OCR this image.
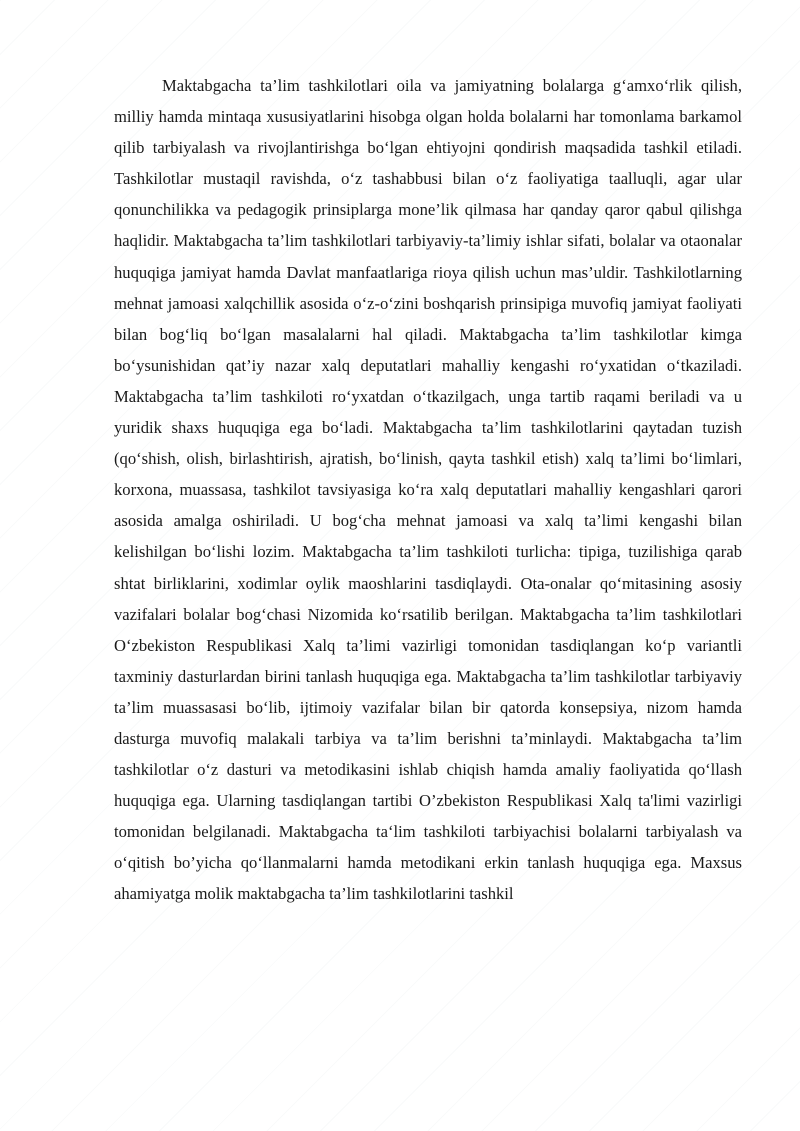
Maktabgacha ta’lim tashkilotlari oila va jamiyatning bolalarga g‘amxo‘rlik qilish, milliy hamda mintaqa xususiyatlarini hisobga olgan holda bolalarni har tomonlama barkamol qilib tarbiyalash va rivojlantirishga bo‘lgan ehtiyojni qondirish maqsadida tashkil etiladi. Tashkilotlar mustaqil ravishda, o‘z tashabbusi bilan o‘z faoliyatiga taalluqli, agar ular qonunchilikka va pedagogik prinsiplarga mone’lik qilmasa har qanday qaror qabul qilishga haqlidir. Maktabgacha ta’lim tashkilotlari tarbiyaviy-ta’limiy ishlar sifati, bolalar va otaonalar huquqiga jamiyat hamda Davlat manfaatlariga rioya qilish uchun mas’uldir. Tashkilotlarning mehnat jamoasi xalqchillik asosida o‘z-o‘zini boshqarish prinsipiga muvofiq jamiyat faoliyati bilan bog‘liq bo‘lgan masalalarni hal qiladi. Maktabgacha ta’lim tashkilotlar kimga bo‘ysunishidan qat’iy nazar xalq deputatlari mahalliy kengashi ro‘yxatidan o‘tkaziladi. Maktabgacha ta’lim tashkiloti ro‘yxatdan o‘tkazilgach, unga tartib raqami beriladi va u yuridik shaxs huquqiga ega bo‘ladi. Maktabgacha ta’lim tashkilotlarini qaytadan tuzish (qo‘shish, olish, birlashtirish, ajratish, bo‘linish, qayta tashkil etish) xalq ta’limi bo‘limlari, korxona, muassasa, tashkilot tavsiyasiga ko‘ra xalq deputatlari mahalliy kengashlari qarori asosida amalga oshiriladi. U bog‘cha mehnat jamoasi va xalq ta’limi kengashi bilan kelishilgan bo‘lishi lozim. Maktabgacha ta’lim tashkiloti turlicha: tipiga, tuzilishiga qarab shtat birliklarini, xodimlar oylik maoshlarini tasdiqlaydi. Ota-onalar qo‘mitasining asosiy vazifalari bolalar bog‘chasi Nizomida ko‘rsatilib berilgan. Maktabgacha ta’lim tashkilotlari O‘zbekiston Respublikasi Xalq ta’limi vazirligi tomonidan tasdiqlangan ko‘p variantli taxminiy dasturlardan birini tanlash huquqiga ega. Maktabgacha ta’lim tashkilotlar tarbiyaviy ta’lim muassasasi bo‘lib, ijtimoiy vazifalar bilan bir qatorda konsepsiya, nizom hamda dasturga muvofiq malakali tarbiya va ta’lim berishni ta’minlaydi. Maktabgacha ta’lim tashkilotlar o‘z dasturi va metodikasini ishlab chiqish hamda amaliy faoliyatida qo‘llash huquqiga ega. Ularning tasdiqlangan tartibi O’zbekiston Respublikasi Xalq ta'limi vazirligi tomonidan belgilanadi. Maktabgacha ta‘lim tashkiloti tarbiyachisi bolalarni tarbiyalash va o‘qitish bo’yicha qo‘llanmalarni hamda metodikani erkin tanlash huquqiga ega. Maxsus ahamiyatga molik maktabgacha ta’lim tashkilotlarini tashkil
